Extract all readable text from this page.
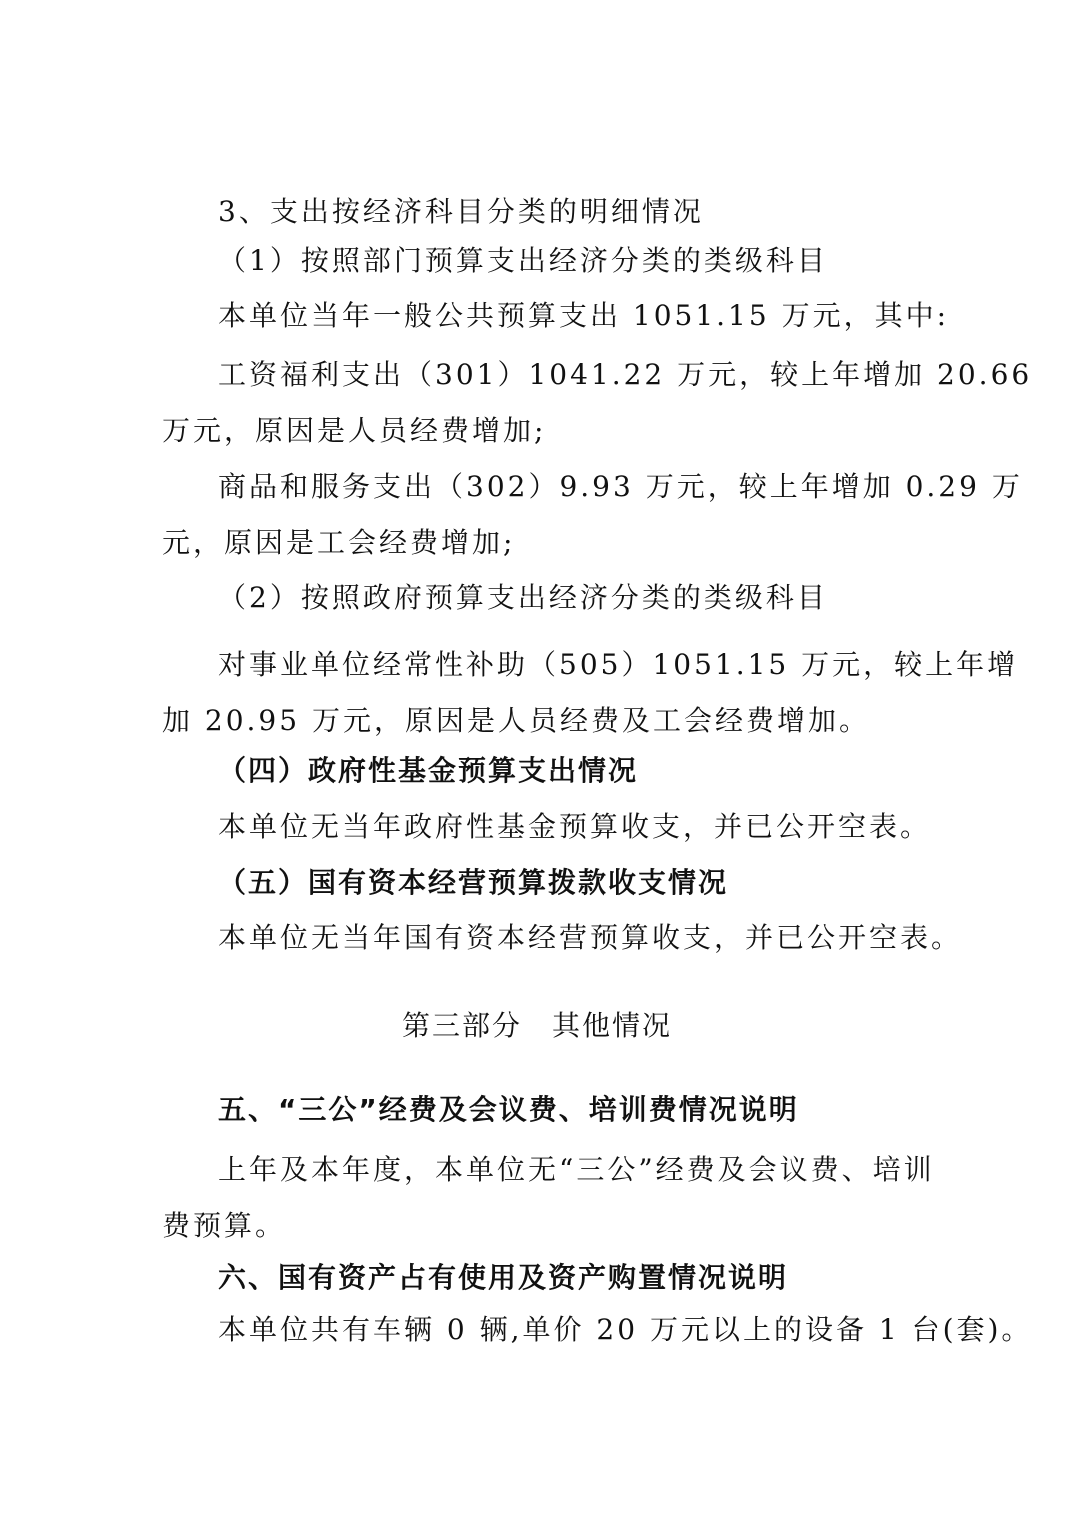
3、支出按经济科目分类的明细情况
（1）按照部门预算支出经济分类的类级科目
本单位当年一般公共预算支出 1051.15 万元，其中:
工资福利支出（301）1041.22 万元，较上年增加 20.66
万元，原因是人员经费增加;
商品和服务支出（302）9.93 万元，较上年增加 0.29 万
元，原因是工会经费增加;
（2）按照政府预算支出经济分类的类级科目
对事业单位经常性补助（505）1051.15 万元，较上年增
加 20.95 万元，原因是人员经费及工会经费增加。
（四）政府性基金预算支出情况
本单位无当年政府性基金预算收支，并已公开空表。
（五）国有资本经营预算拨款收支情况
本单位无当年国有资本经营预算收支，并已公开空表。
第三部分　其他情况
五、“三公”经费及会议费、培训费情况说明
上年及本年度，本单位无“三公”经费及会议费、培训
费预算。
六、国有资产占有使用及资产购置情况说明
本单位共有车辆 0 辆,单价 20 万元以上的设备 1 台(套)。
